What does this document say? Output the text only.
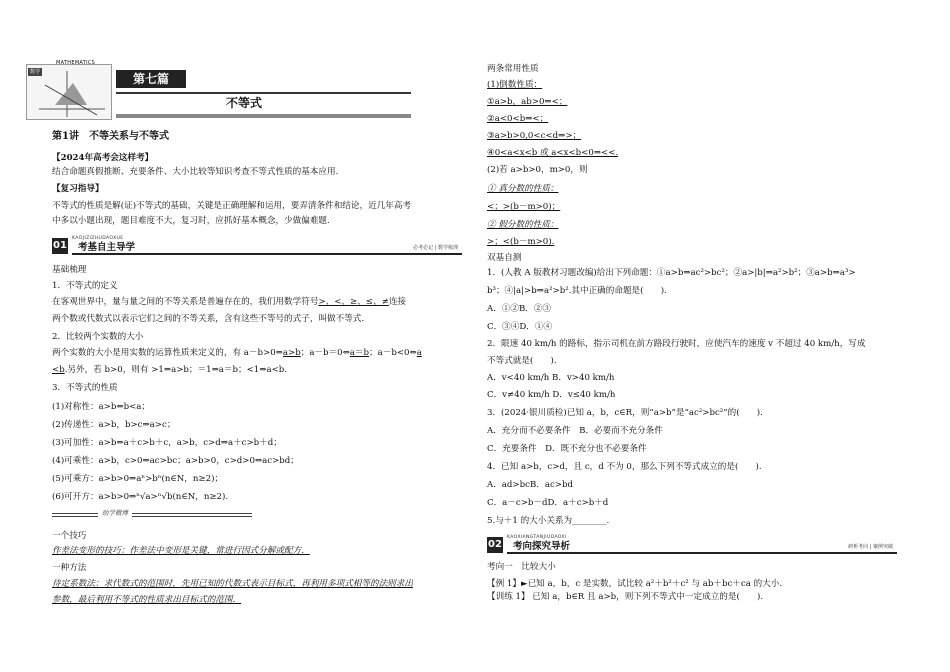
数学
MATHEMATICS
第七篇
不等式
第1讲　不等关系与不等式
【2024年高考会这样考】
结合命题真假推断、充要条件、大小比较等知识考查不等式性质的基本应用.
【复习指导】
不等式的性质是解(证)不等式的基础，关键是正确理解和运用，要弄清条件和结论，近几年高考
中多以小题出现，题目难度不大，复习时，应抓好基本概念，少做偏难题.
01
KAOJIZIZHUDAOXUE
考基自主导学	必考必记 | 数学梳理
基础梳理
1．不等式的定义
在客观世界中，量与量之间的不等关系是普遍存在的，我们用数学符号>、<、≥、≤、≠连接
两个数或代数式以表示它们之间的不等关系，含有这些不等号的式子，叫做不等式.
2．比较两个实数的大小
两个实数的大小是用实数的运算性质来定义的，有 a－b>0⇔a>b；a－b＝0⇔a＝b；a－b<0⇔a
<b.另外，若 b>0，则有 >1⇔a>b；＝1⇔a＝b；<1⇔a<b.
3．不等式的性质
(1)对称性：a>b⇔b<a；
(2)传递性：a>b，b>c⇒a>c；
(3)可加性：a>b⇔a＋c>b＋c，a>b，c>d⇒a＋c>b＋d；
(4)可乘性：a>b，c>0⇒ac>bc；a>b>0，c>d>0⇒ac>bd；
(5)可乘方：a>b>0⇒aⁿ>bⁿ(n∈N，n≥2)；
(6)可开方：a>b>0⇒ⁿ√a>ⁿ√b(n∈N，n≥2).
助学微博
一个技巧
作差法变形的技巧：作差法中变形是关键，常进行因式分解或配方．
一种方法
待定系数法：求代数式的范围时，先用已知的代数式表示目标式，再利用多项式相等的法则求出
参数，最后利用不等式的性质求出目标式的范围．
两条常用性质
(1)倒数性质：
①a>b，ab>0⇒<；
②a<0<b⇒<；
③a>b>0,0<c<d⇒>；
④0<a<x<b 或 a<x<b<0⇒<<.
(2)若 a>b>0，m>0，则
① 真分数的性质：
<；>(b－m>0)；
② 假分数的性质：
>；<(b－m>0).
双基自测
1．(人教 A 版教材习题改编)给出下列命题：①a>b⇒ac²>bc²；②a>|b|⇒a²>b²；③a>b⇒a³>
b³；④|a|>b⇒a²>b².其中正确的命题是(　　).
A．①②B．②③
C．③④D．①④
2．限速 40 km/h 的路标，指示司机在前方路段行驶时，应使汽车的速度 v 不超过 40 km/h，写成
不等式就是(　　).
A．v<40 km/h B．v>40 km/h
C．v≠40 km/h D．v≤40 km/h
3．(2024·银川质检)已知 a，b，c∈R，则“a>b”是“ac²>bc²”的(　　).
A．充分而不必要条件　B．必要而不充分条件
C．充要条件　D．既不充分也不必要条件
4．已知 a>b，c>d，且 c，d 不为 0，那么下列不等式成立的是(　　).
A．ad>bcB．ac>bd
C．a－c>b－dD．a＋c>b＋d
5.与＋1 的大小关系为________.
02
KAOXIANGTANJIUDAOXI
考向探究导析	研析考向 | 案例突破
考向一　比较大小
【例 1】►已知 a，b，c 是实数，试比较 a²＋b²＋c² 与 ab＋bc＋ca 的大小.
【训练 1】 已知 a，b∈R 且 a>b，则下列不等式中一定成立的是(　　).
